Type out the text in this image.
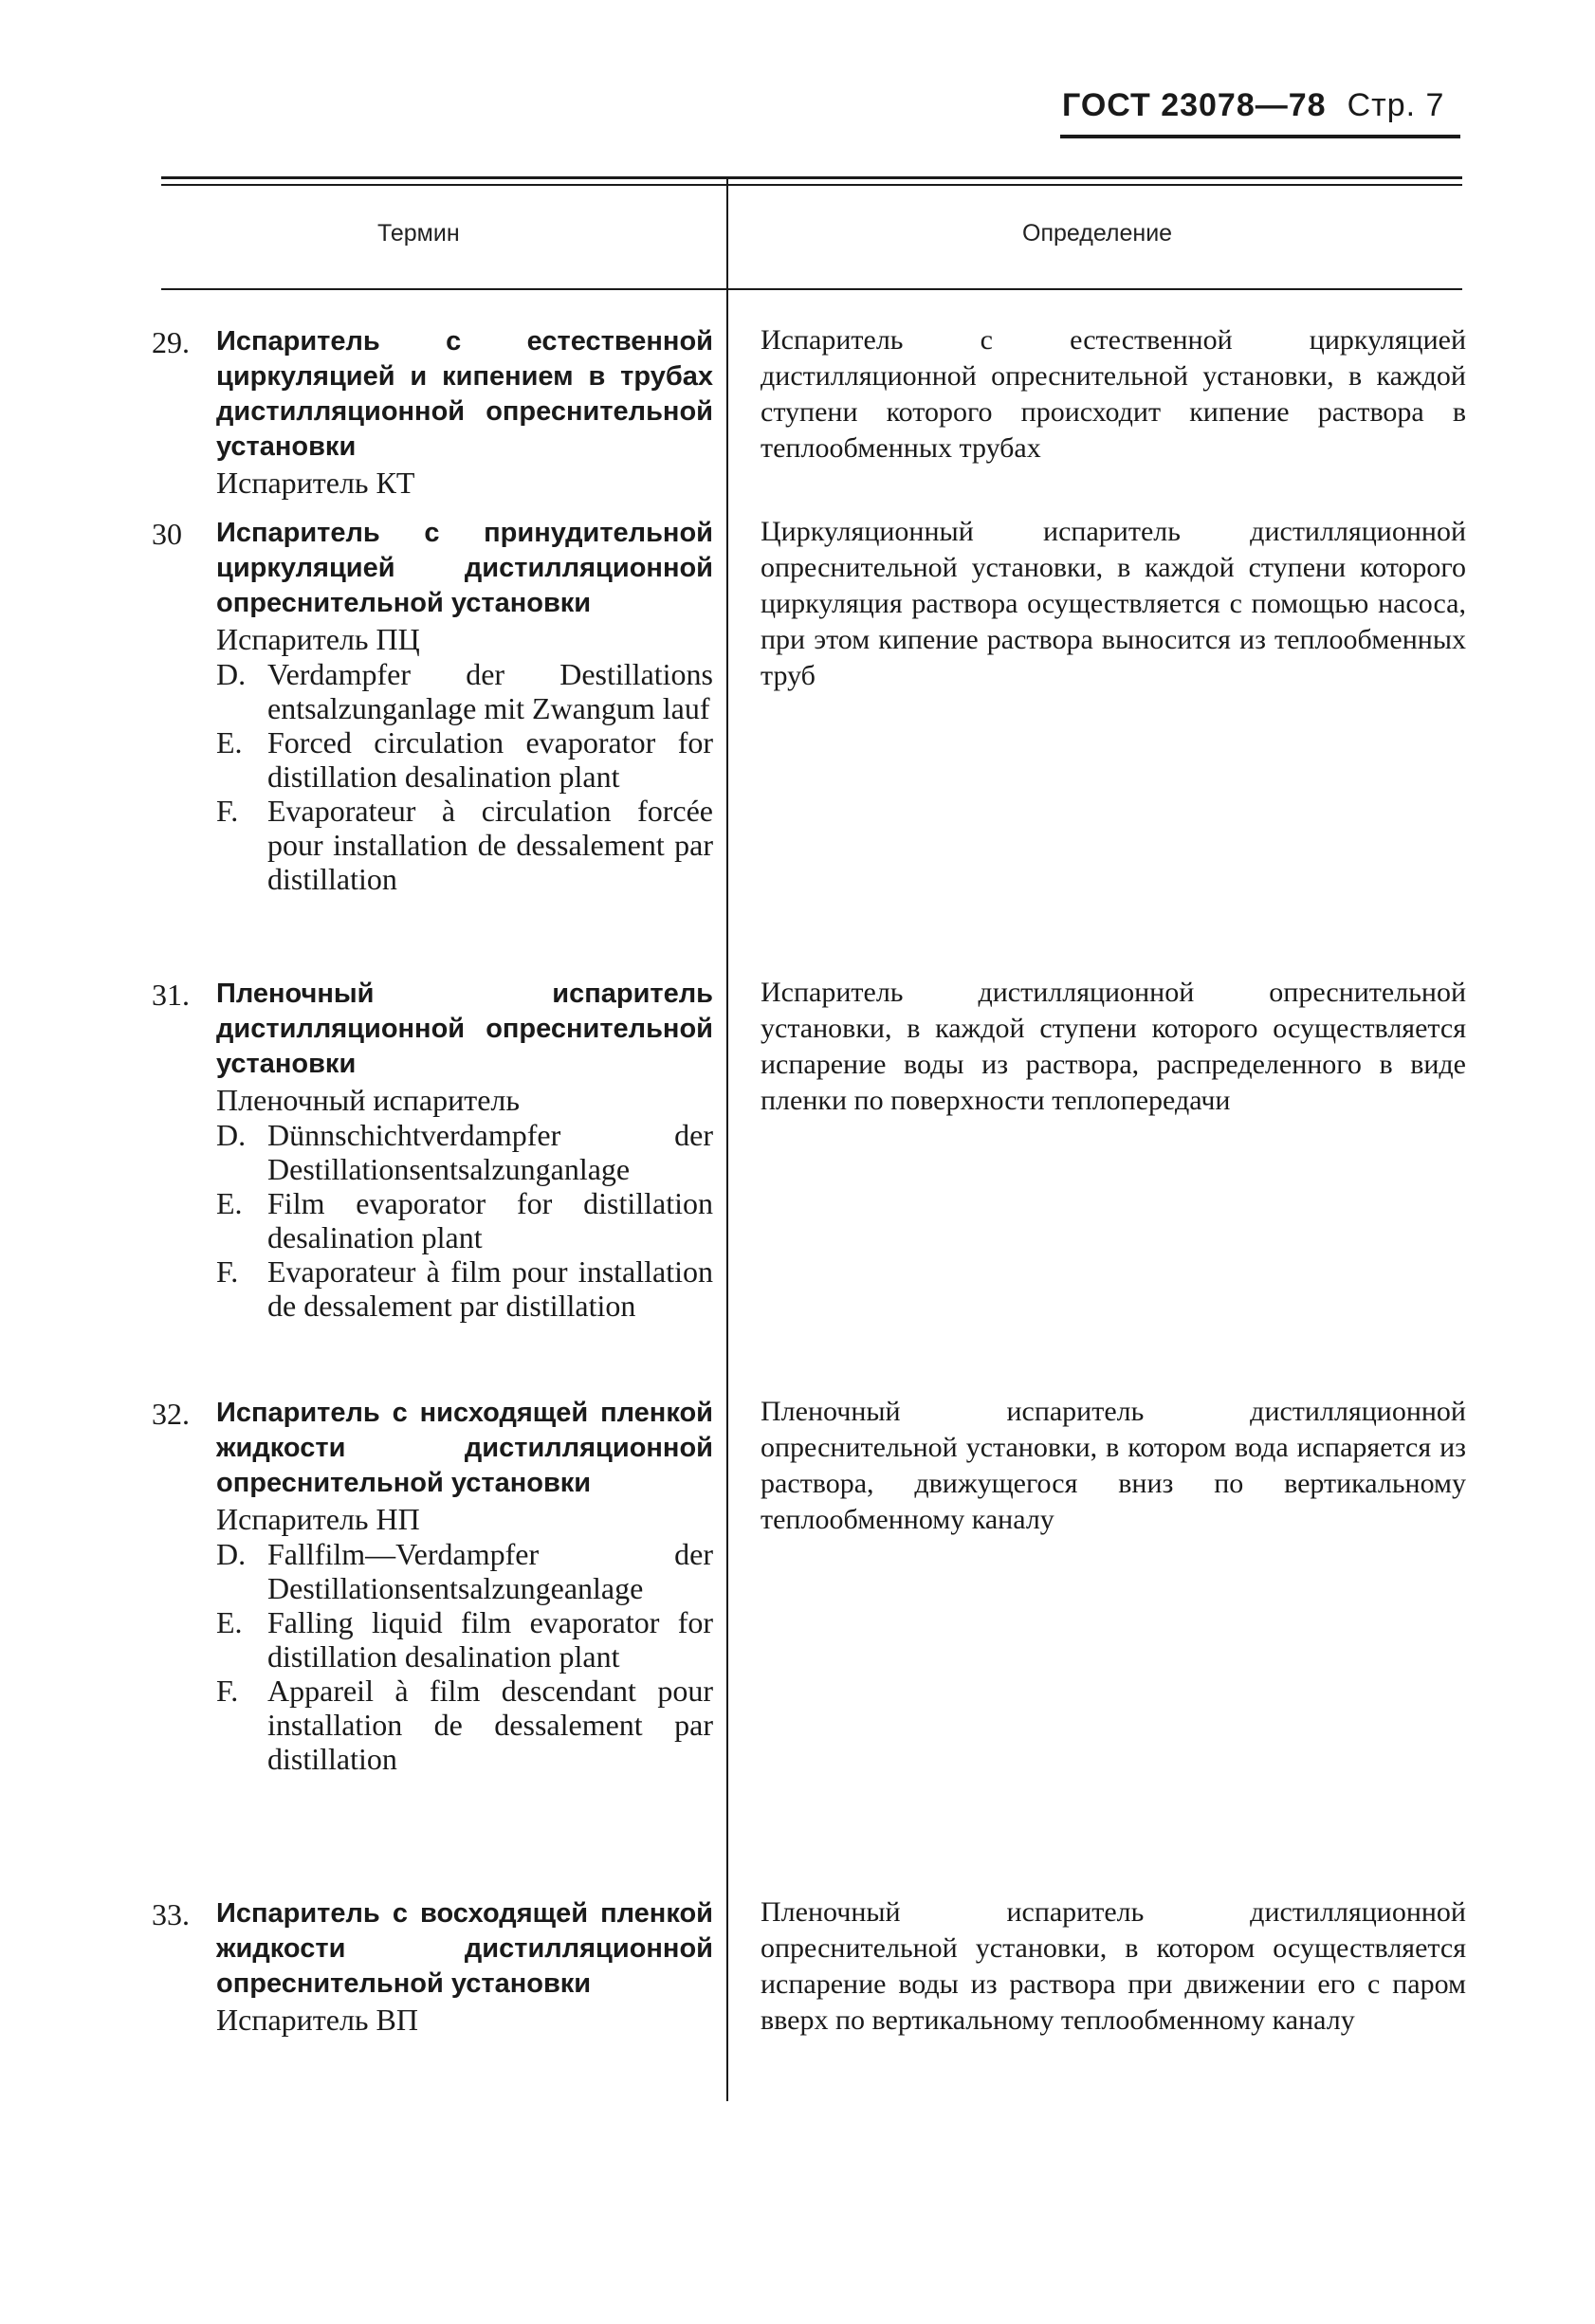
ГОСТ 23078—78 Стр. 7
Термин	Определение
29. Испаритель с естественной циркуляцией и кипением в трубах дистилляционной опреснительной установки
Испаритель КТ
Испаритель с естественной циркуляцией дистилляционной опреснительной установки, в каждой ступени которого происходит кипение раствора в теплообменных трубах
30	Испаритель с принудительной циркуляцией дистилляционной опреснительной установки
Испаритель ПЦ
D. Verdampfer der Destillations entsalzunganlage mit Zwangum lauf
E. Forced circulation evaporator for distillation desalination plant
F. Evaporateur à circulation forcée pour installation de dessalement par distillation
Циркуляционный испаритель дистилляционной опреснительной установки, в каждой ступени которого циркуляция раствора осуществляется с помощью насоса, при этом кипение раствора выносится из теплообменных труб
31. Пленочный испаритель дистилляционной опреснительной установки
Пленочный испаритель
D. Dünnschichtverdampfer der Destillationsentsalzunganlage
E. Film evaporator for distillation desalination plant
F. Evaporateur à film pour installation de dessalement par distillation
Испаритель дистилляционной опреснительной установки, в каждой ступени которого осуществляется испарение воды из раствора, распределенного в виде пленки по поверхности теплопередачи
32. Испаритель с нисходящей пленкой жидкости дистилляционной опреснительной установки
Испаритель НП
D. Fallfilm—Verdampfer der Destillationsentsalzungeanlage
E. Falling liquid film evaporator for distillation desalination plant
F. Appareil à film descendant pour installation de dessalement par distillation
Пленочный испаритель дистилляционной опреснительной установки, в котором вода испаряется из раствора, движущегося вниз по вертикальному теплообменному каналу
33. Испаритель с восходящей пленкой жидкости дистилляционной опреснительной установки
Испаритель ВП
Пленочный испаритель дистилляционной опреснительной установки, в котором осуществляется испарение воды из раствора при движении его с паром вверх по вертикальному теплообменному каналу
